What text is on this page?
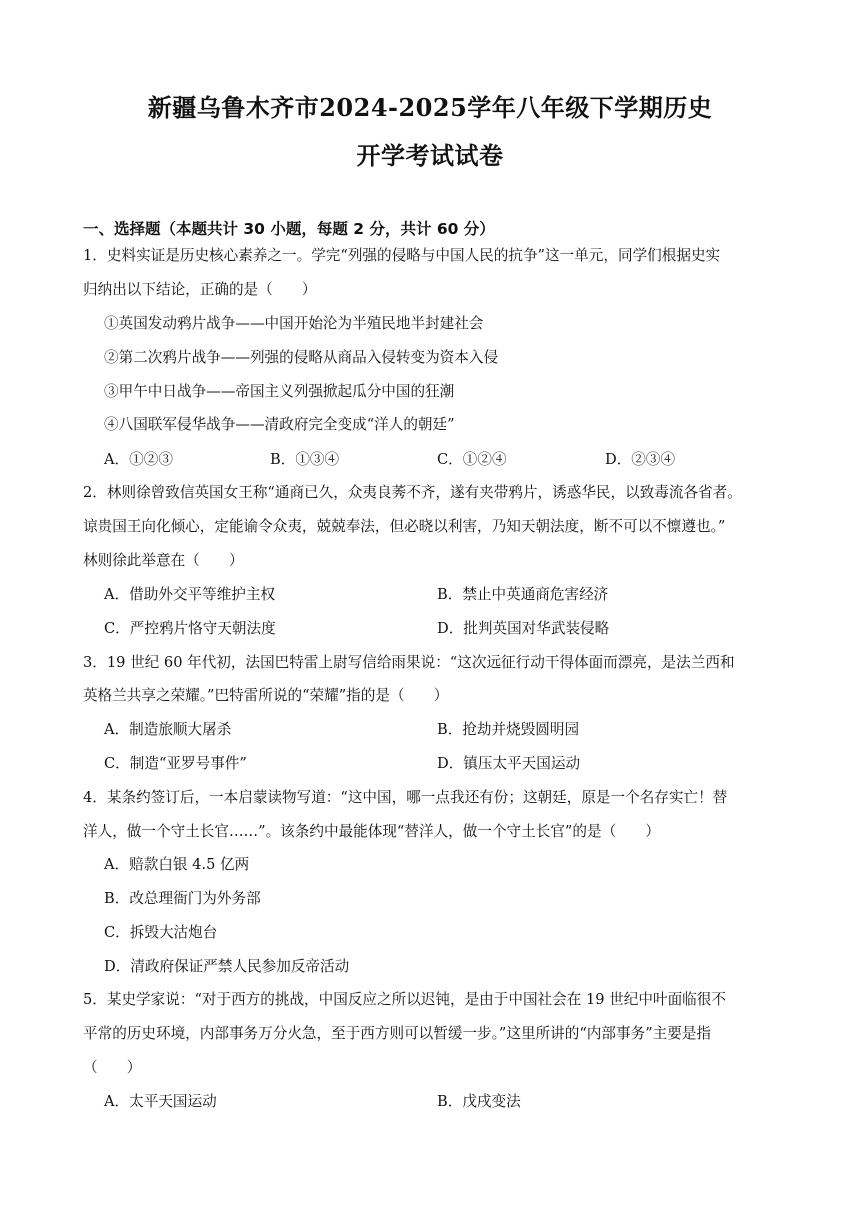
新疆乌鲁木齐市2024-2025学年八年级下学期历史
开学考试试卷
一、选择题（本题共计 30 小题，每题 2 分，共计 60 分）
1．史料实证是历史核心素养之一。学完“列强的侵略与中国人民的抗争”这一单元，同学们根据史实
归纳出以下结论，正确的是（　　）
①英国发动鸦片战争——中国开始沦为半殖民地半封建社会
②第二次鸦片战争——列强的侵略从商品入侵转变为资本入侵
③甲午中日战争——帝国主义列强掀起瓜分中国的狂潮
④八国联军侵华战争——清政府完全变成“洋人的朝廷”
A．①②③	B．①③④	C．①②④	D．②③④
2．林则徐曾致信英国女王称“通商已久，众夷良莠不齐，遂有夹带鸦片，诱惑华民，以致毒流各省者。
谅贵国王向化倾心，定能谕令众夷，兢兢奉法，但必晓以利害，乃知天朝法度，断不可以不懔遵也。”
林则徐此举意在（　　）
A．借助外交平等维护主权	B．禁止中英通商危害经济
C．严控鸦片恪守天朝法度	D．批判英国对华武装侵略
3．19 世纪 60 年代初，法国巴特雷上尉写信给雨果说：“这次远征行动干得体面而漂亮，是法兰西和
英格兰共享之荣耀。”巴特雷所说的“荣耀”指的是（　　）
A．制造旅顺大屠杀	B．抢劫并烧毁圆明园
C．制造“亚罗号事件”	D．镇压太平天国运动
4．某条约签订后，一本启蒙读物写道：“这中国，哪一点我还有份；这朝廷，原是一个名存实亡！替
洋人，做一个守土长官……”。该条约中最能体现“替洋人，做一个守土长官”的是（　　）
A．赔款白银 4.5 亿两
B．改总理衙门为外务部
C．拆毁大沽炮台
D．清政府保证严禁人民参加反帝活动
5．某史学家说：“对于西方的挑战，中国反应之所以迟钝，是由于中国社会在 19 世纪中叶面临很不
平常的历史环境，内部事务万分火急，至于西方则可以暂缓一步。”这里所讲的“内部事务”主要是指
（　　）
A．太平天国运动	B．戊戌变法
